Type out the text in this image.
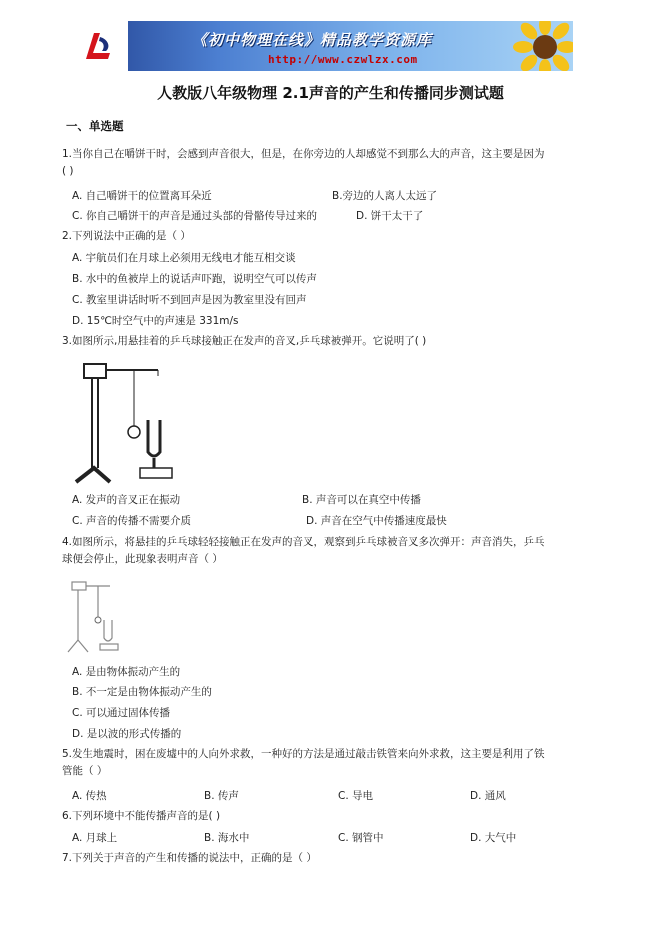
《初中物理在线》精品教学资源库
http://www.czwlzx.com
人教版八年级物理 2.1声音的产生和传播同步测试题
一、单选题
1.当你自己在嚼饼干时，会感到声音很大，但是，在你旁边的人却感觉不到那么大的声音，这主要是因为
( )
A. 自己嚼饼干的位置离耳朵近	B.旁边的人离人太远了
C. 你自己嚼饼干的声音是通过头部的骨骼传导过来的	D. 饼干太干了
2.下列说法中正确的是（ ）
A. 宇航员们在月球上必须用无线电才能互相交谈
B. 水中的鱼被岸上的说话声吓跑，说明空气可以传声
C. 教室里讲话时听不到回声是因为教室里没有回声
D. 15℃时空气中的声速是 331m/s
3.如图所示,用悬挂着的乒乓球接触正在发声的音叉,乒乓球被弹开。它说明了( )
A. 发声的音叉正在振动	B. 声音可以在真空中传播
C. 声音的传播不需要介质	D. 声音在空气中传播速度最快
4.如图所示，将悬挂的乒乓球轻轻接触正在发声的音叉，观察到乒乓球被音叉多次弹开：声音消失，乒乓
球便会停止，此现象表明声音（ ）
A. 是由物体振动产生的
B. 不一定是由物体振动产生的
C. 可以通过固体传播
D. 是以波的形式传播的
5.发生地震时，困在废墟中的人向外求救，一种好的方法是通过敲击铁管来向外求救，这主要是利用了铁
管能（ ）
A. 传热	B. 传声	C. 导电	D. 通风
6.下列环境中不能传播声音的是( )
A. 月球上	B. 海水中	C. 钢管中	D. 大气中
7.下列关于声音的产生和传播的说法中，正确的是（ ）
